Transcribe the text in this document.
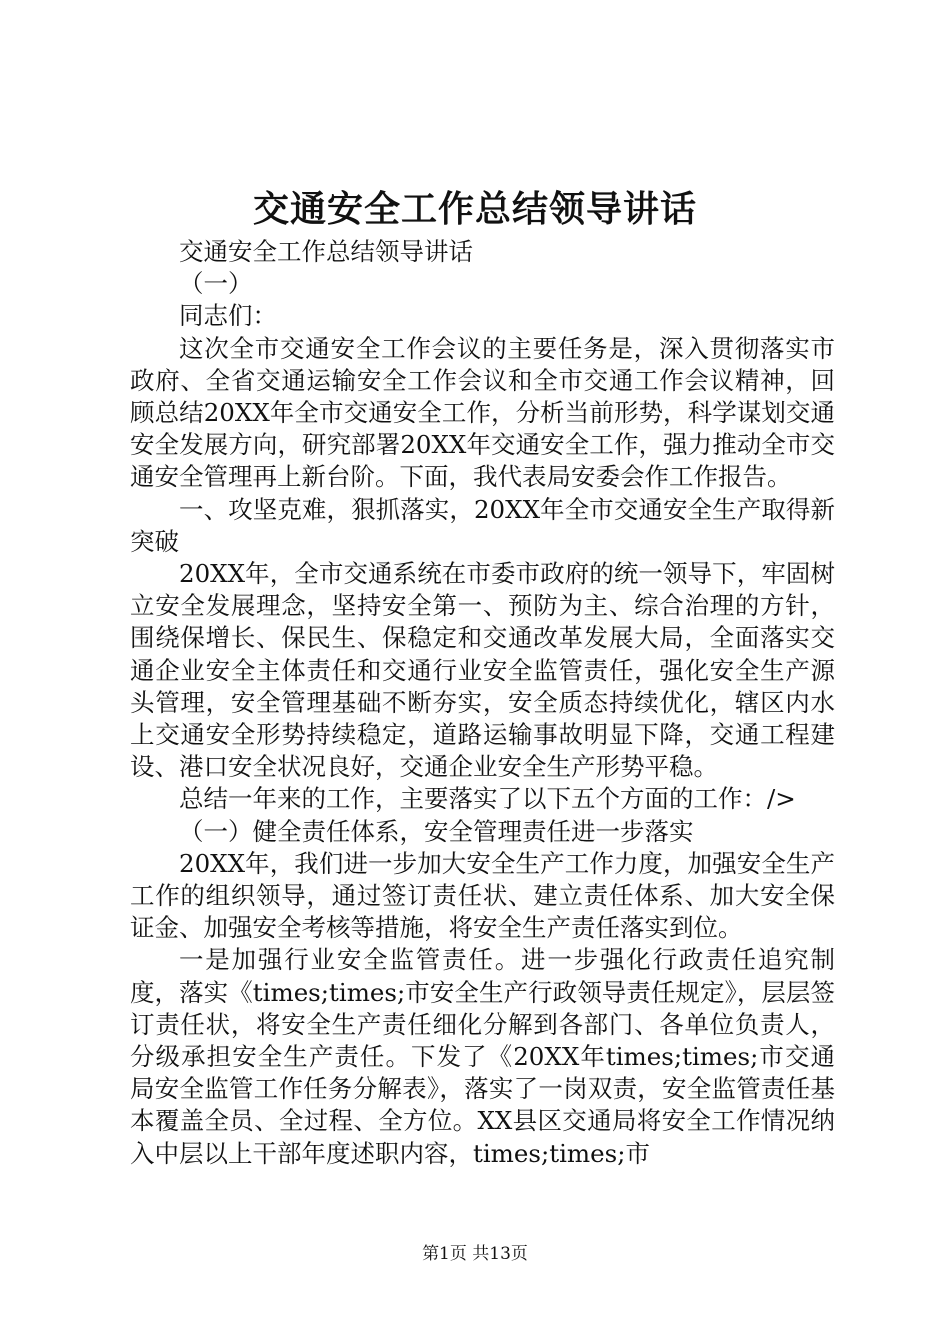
交通安全工作总结领导讲话

交通安全工作总结领导讲话

（一）

同志们：

这次全市交通安全工作会议的主要任务是，深入贯彻落实市政府、全省交通运输安全工作会议和全市交通工作会议精神，回顾总结20XX年全市交通安全工作，分析当前形势，科学谋划交通安全发展方向，研究部署20XX年交通安全工作，强力推动全市交通安全管理再上新台阶。下面，我代表局安委会作工作报告。

一、攻坚克难，狠抓落实，20XX年全市交通安全生产取得新突破

20XX年，全市交通系统在市委市政府的统一领导下，牢固树立安全发展理念，坚持安全第一、预防为主、综合治理的方针，围绕保增长、保民生、保稳定和交通改革发展大局，全面落实交通企业安全主体责任和交通行业安全监管责任，强化安全生产源头管理，安全管理基础不断夯实，安全质态持续优化，辖区内水上交通安全形势持续稳定，道路运输事故明显下降，交通工程建设、港口安全状况良好，交通企业安全生产形势平稳。

总结一年来的工作，主要落实了以下五个方面的工作：/>

（一）健全责任体系，安全管理责任进一步落实

20XX年，我们进一步加大安全生产工作力度，加强安全生产工作的组织领导，通过签订责任状、建立责任体系、加大安全保证金、加强安全考核等措施，将安全生产责任落实到位。

一是加强行业安全监管责任。进一步强化行政责任追究制度，落实《times;times;市安全生产行政领导责任规定》，层层签订责任状，将安全生产责任细化分解到各部门、各单位负责人，分级承担安全生产责任。下发了《20XX年times;times;市交通局安全监管工作任务分解表》，落实了一岗双责，安全监管责任基本覆盖全员、全过程、全方位。XX县区交通局将安全工作情况纳入中层以上干部年度述职内容，times;times;市

第1页 共13页
